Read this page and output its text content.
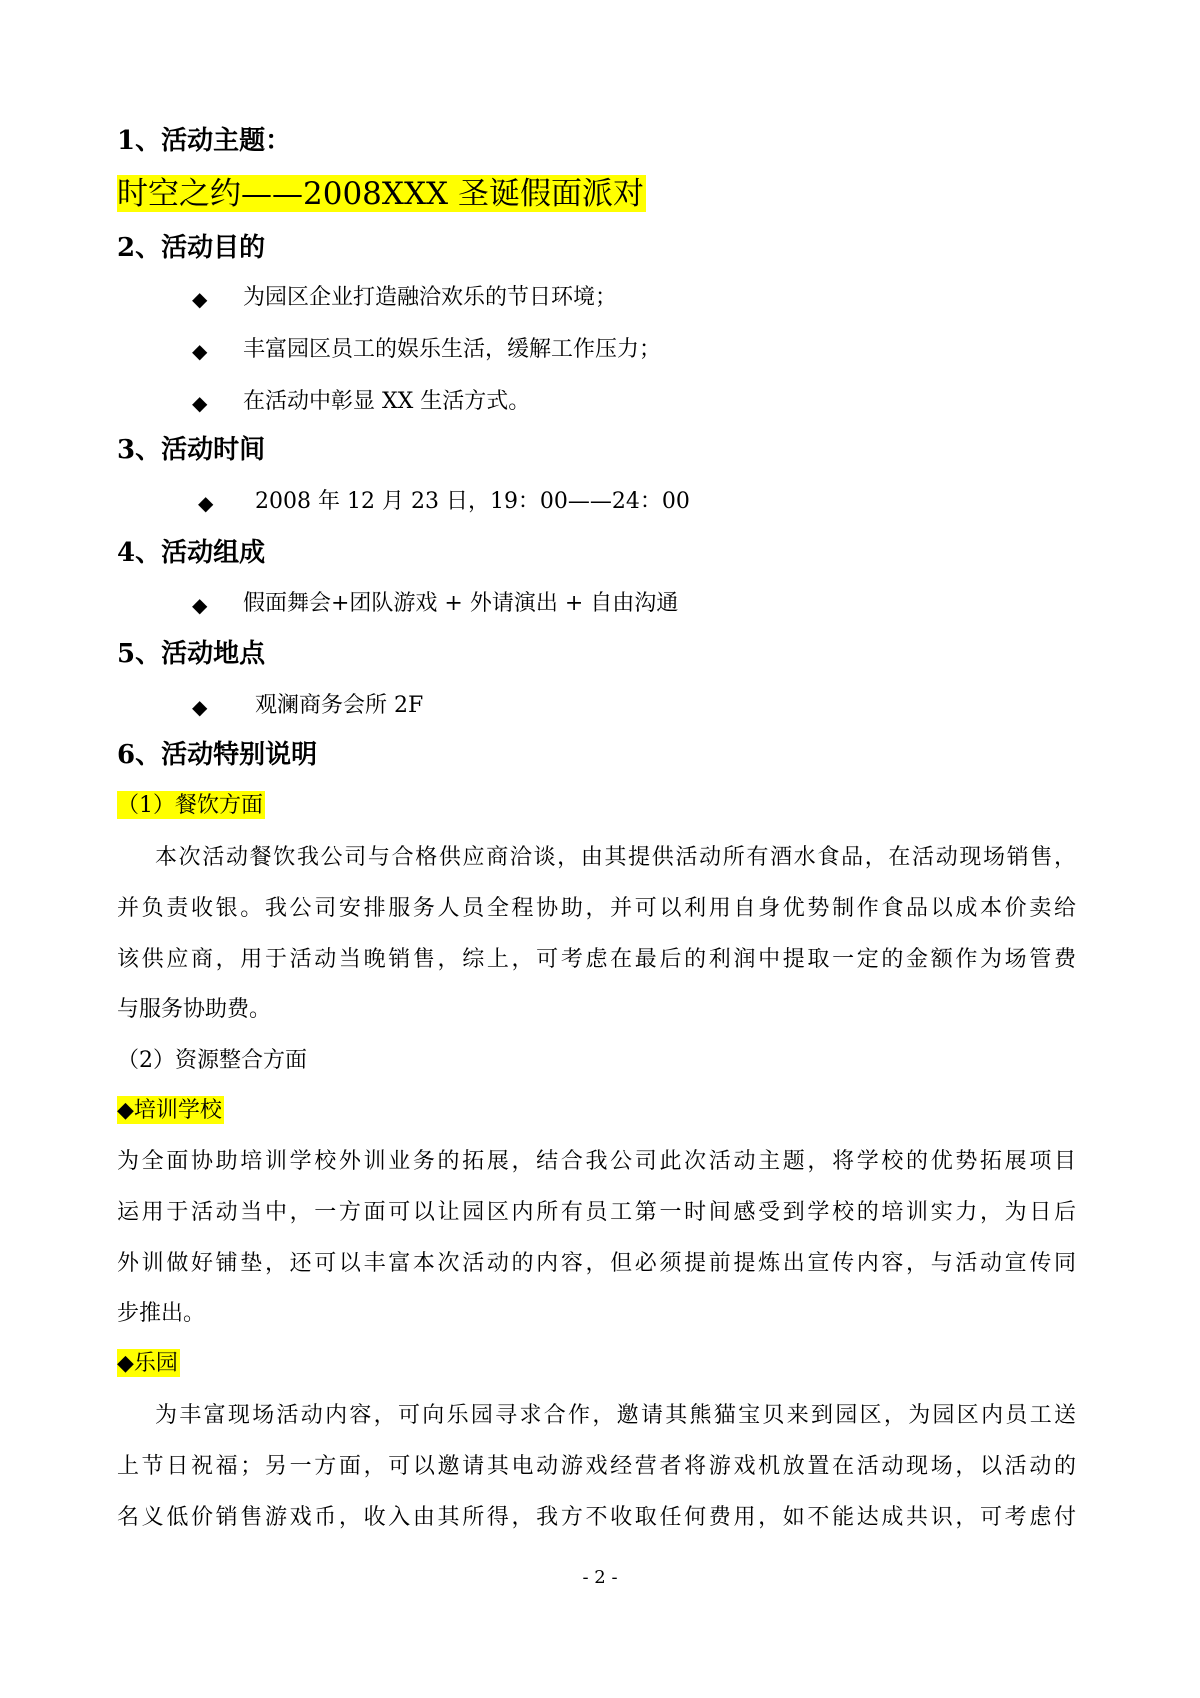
1、活动主题：
时空之约——2008XXX 圣诞假面派对
2、活动目的
◆ 为园区企业打造融洽欢乐的节日环境；
◆ 丰富园区员工的娱乐生活，缓解工作压力；
◆ 在活动中彰显 XX 生活方式。
3、活动时间
◆ 2008 年 12 月 23 日，19：00——24：00
4、活动组成
◆ 假面舞会+团队游戏 + 外请演出 + 自由沟通
5、活动地点
◆ 观澜商务会所 2F
6、活动特别说明
（1）餐饮方面
本次活动餐饮我公司与合格供应商洽谈，由其提供活动所有酒水食品，在活动现场销售，
并负责收银。我公司安排服务人员全程协助，并可以利用自身优势制作食品以成本价卖给
该供应商，用于活动当晚销售，综上，可考虑在最后的利润中提取一定的金额作为场管费
与服务协助费。
（2）资源整合方面
◆培训学校
为全面协助培训学校外训业务的拓展，结合我公司此次活动主题，将学校的优势拓展项目
运用于活动当中，一方面可以让园区内所有员工第一时间感受到学校的培训实力，为日后
外训做好铺垫，还可以丰富本次活动的内容，但必须提前提炼出宣传内容，与活动宣传同
步推出。
◆乐园
为丰富现场活动内容，可向乐园寻求合作，邀请其熊猫宝贝来到园区，为园区内员工送
上节日祝福；另一方面，可以邀请其电动游戏经营者将游戏机放置在活动现场，以活动的
名义低价销售游戏币，收入由其所得，我方不收取任何费用，如不能达成共识，可考虑付
- 2 -
